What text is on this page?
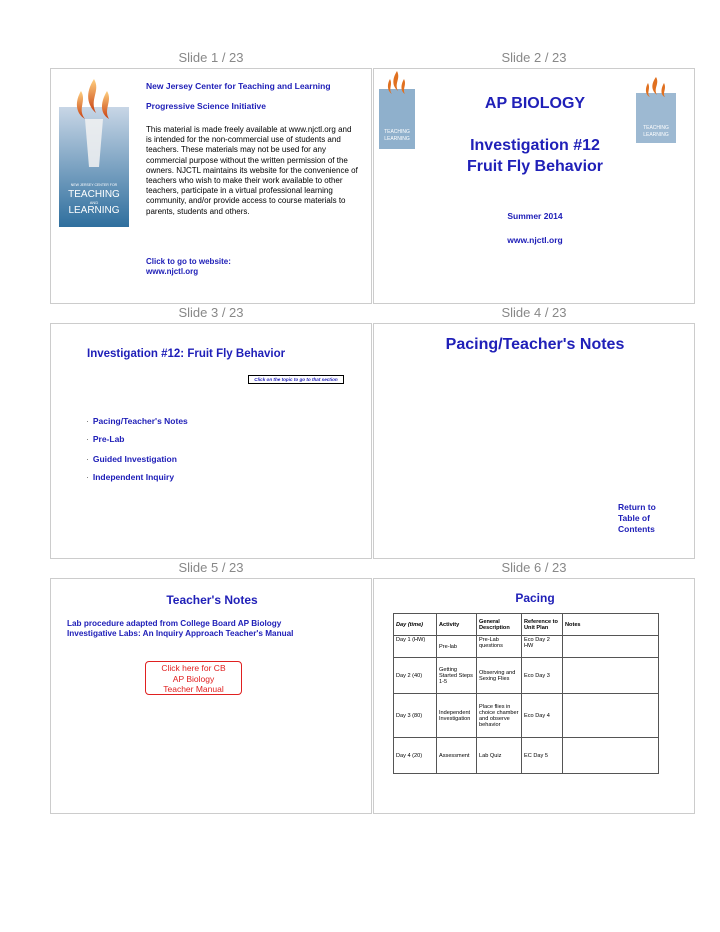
Slide 1 / 23	Slide 2 / 23
Slide 3 / 23	Slide 4 / 23
Slide 5 / 23	Slide 6 / 23
NEW JERSEY CENTER FOR
TEACHING
AND
LEARNING
New Jersey Center for Teaching and Learning
Progressive Science Initiative
This material is made freely available at www.njctl.org and is intended for the non-commercial use of students and teachers. These materials may not be used for any commercial purpose without the written permission of the owners. NJCTL maintains its website for the convenience of teachers who wish to make their work available to other teachers, participate in a virtual professional learning community, and/or provide access to course materials to parents, students and others.
Click to go to website:
www.njctl.org
TEACHING
LEARNING
TEACHING
LEARNING
AP BIOLOGY
Investigation #12
Fruit Fly Behavior
Summer 2014
www.njctl.org
Investigation #12: Fruit Fly Behavior
Click on the topic to go to that section
· Pacing/Teacher's Notes
· Pre-Lab
· Guided Investigation
· Independent Inquiry
Pacing/Teacher's Notes
Return to
Table of
Contents
Teacher's Notes
Lab procedure adapted from College Board AP Biology
Investigative Labs: An Inquiry Approach Teacher's Manual
Click here for CB
AP Biology
Teacher Manual
Pacing
Day (time)	Activity	General Description	Reference to Unit Plan	Notes
Day 1 (HW)	Pre-lab	Pre-Lab questions	Eco Day 2 HW	
Day 2 (40)	Getting Started Steps 1-5	Observing and Sexing Flies	Eco Day 3	
Day 3 (80)	Independent Investigation	Place flies in choice chamber and observe behavior	Eco Day 4	
Day 4 (20)	Assessment	Lab Quiz	EC Day 5	
